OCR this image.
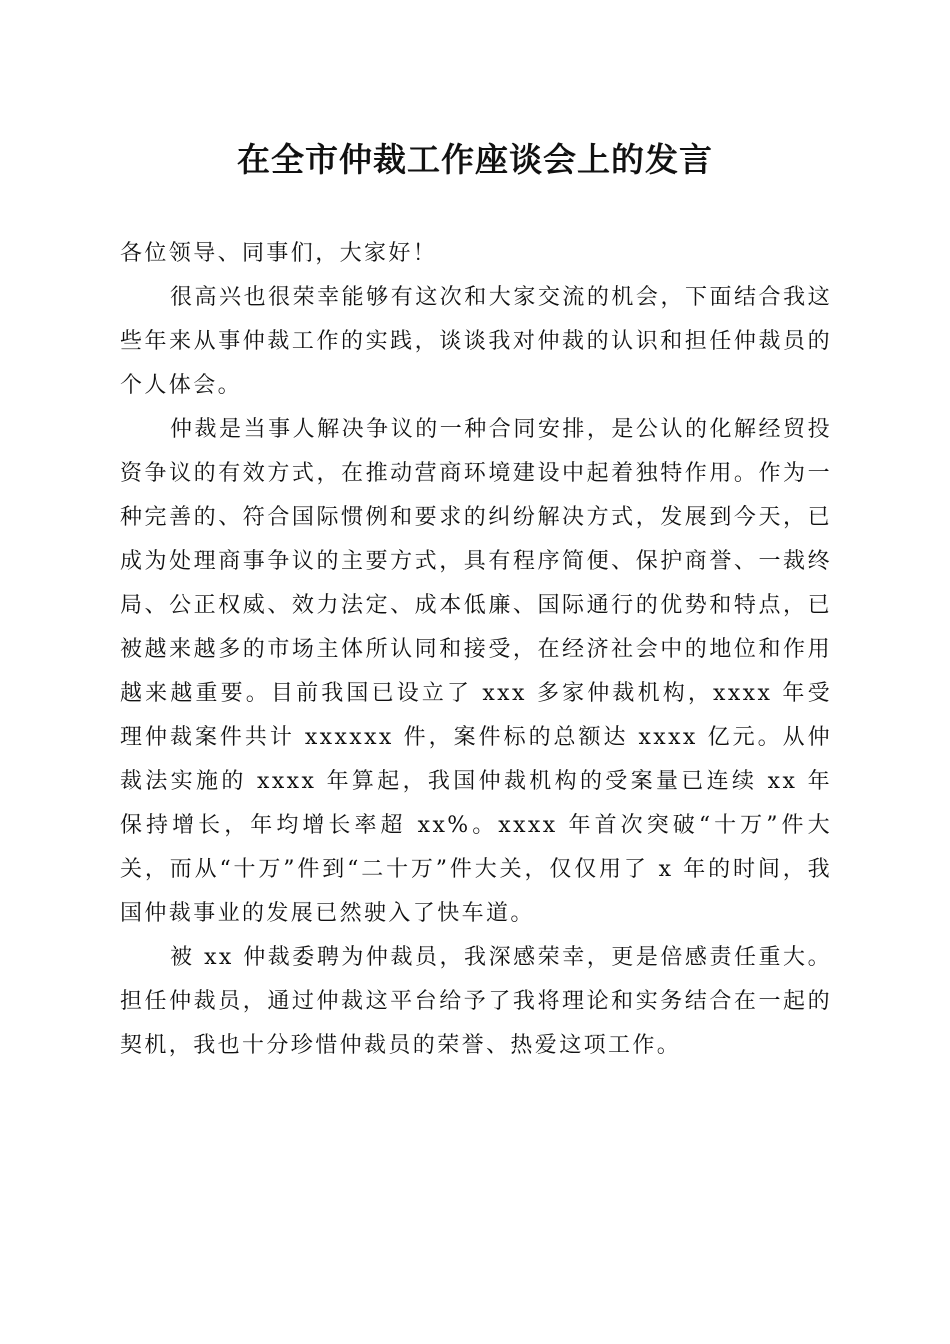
在全市仲裁工作座谈会上的发言

各位领导、同事们，大家好！

很高兴也很荣幸能够有这次和大家交流的机会，下面结合我这些年来从事仲裁工作的实践，谈谈我对仲裁的认识和担任仲裁员的个人体会。

仲裁是当事人解决争议的一种合同安排，是公认的化解经贸投资争议的有效方式，在推动营商环境建设中起着独特作用。作为一种完善的、符合国际惯例和要求的纠纷解决方式，发展到今天，已成为处理商事争议的主要方式，具有程序简便、保护商誉、一裁终局、公正权威、效力法定、成本低廉、国际通行的优势和特点，已被越来越多的市场主体所认同和接受，在经济社会中的地位和作用越来越重要。目前我国已设立了 xxx 多家仲裁机构，xxxx 年受理仲裁案件共计 xxxxxx 件，案件标的总额达 xxxx 亿元。从仲裁法实施的 xxxx 年算起，我国仲裁机构的受案量已连续 xx 年保持增长，年均增长率超 xx%。xxxx 年首次突破“十万”件大关，而从“十万”件到“二十万”件大关，仅仅用了 x 年的时间，我国仲裁事业的发展已然驶入了快车道。

被 xx 仲裁委聘为仲裁员，我深感荣幸，更是倍感责任重大。担任仲裁员，通过仲裁这平台给予了我将理论和实务结合在一起的契机，我也十分珍惜仲裁员的荣誉、热爱这项工作。
